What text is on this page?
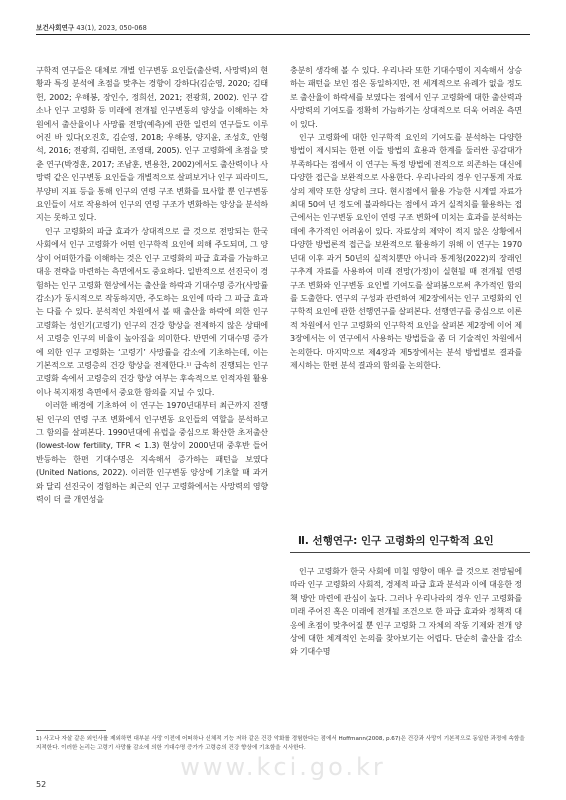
보건사회연구 43(1), 2023, 050-068

구학적 연구들은 대체로 개별 인구변동 요인들(출산력, 사망력)의 현황과 특징 분석에 초점을 맞추는 경향이 강하다(김순영, 2020; 김태헌, 2002; 우해봉, 장인수, 정희선, 2021; 전광희, 2002). 인구 감소나 인구 고령화 등 미래에 전개될 인구변동의 양상을 이해하는 차원에서 출산율이나 사망률 전망(예측)에 관한 일련의 연구들도 이루어진 바 있다(오진호, 김순영, 2018; 우해봉, 양지윤, 조성호, 안형석, 2016; 전광희, 김태헌, 조영태, 2005). 인구 고령화에 초점을 맞춘 연구(박경훈, 2017; 조남훈, 변용찬, 2002)에서도 출산력이나 사망력 같은 인구변동 요인들을 개별적으로 살펴보거나 인구 피라미드, 부양비 지표 등을 통해 인구의 연령 구조 변화를 묘사할 뿐 인구변동 요인들이 서로 작용하여 인구의 연령 구조가 변화하는 양상을 분석하지는 못하고 있다.

인구 고령화의 파급 효과가 상대적으로 클 것으로 전망되는 한국 사회에서 인구 고령화가 어떤 인구학적 요인에 의해 주도되며, 그 양상이 어떠한가를 이해하는 것은 인구 고령화의 파급 효과를 가늠하고 대응 전략을 마련하는 측면에서도 중요하다. 일반적으로 선진국이 경험하는 인구 고령화 현상에서는 출산율 하락과 기대수명 증가(사망률 감소)가 동시적으로 작동하지만, 주도하는 요인에 따라 그 파급 효과는 다를 수 있다. 분석적인 차원에서 볼 때 출산율 하락에 의한 인구 고령화는 성인기(고령기) 인구의 건강 향상을 전제하지 않은 상태에서 고령층 인구의 비율이 높아짐을 의미한다. 반면에 기대수명 증가에 의한 인구 고령화는 ‘고령기’ 사망률을 감소에 기초하는데, 이는 기본적으로 고령층의 건강 향상을 전제한다.¹⁾ 급속히 진행되는 인구 고령화 속에서 고령층의 건강 향상 여부는 후속적으로 인적자원 활용이나 복지재정 측면에서 중요한 함의를 지닐 수 있다.

이러한 배경에 기초하여 이 연구는 1970년대부터 최근까지 진행된 인구의 연령 구조 변화에서 인구변동 요인들의 역할을 분석하고 그 함의를 살펴본다. 1990년대에 유럽을 중심으로 확산한 초저출산(lowest-low fertility, TFR < 1.3) 현상이 2000년대 중후반 들어 반등하는 한편 기대수명은 지속해서 증가하는 패턴을 보였다(United Nations, 2022). 이러한 인구변동 양상에 기초할 때 과거와 달리 선진국이 경험하는 최근의 인구 고령화에서는 사망력의 영향력이 더 클 개연성을

충분히 생각해 볼 수 있다. 우리나라 또한 기대수명이 지속해서 상승하는 패턴을 보인 점은 동일하지만, 전 세계적으로 유례가 없을 정도로 출산율이 하락세를 보였다는 점에서 인구 고령화에 대한 출산력과 사망력의 기여도를 정확히 가늠하기는 상대적으로 더욱 어려운 측면이 있다.

인구 고령화에 대한 인구학적 요인의 기여도를 분석하는 다양한 방법이 제시되는 한편 이들 방법의 효용과 한계를 둘러싼 공감대가 부족하다는 점에서 이 연구는 특정 방법에 전적으로 의존하는 대신에 다양한 접근을 보완적으로 사용한다. 우리나라의 경우 인구통계 자료상의 제약 또한 상당히 크다. 현시점에서 활용 가능한 시계열 자료가 최대 50여 년 정도에 불과하다는 점에서 과거 실적치를 활용하는 접근에서는 인구변동 요인이 연령 구조 변화에 미치는 효과를 분석하는 데에 추가적인 어려움이 있다. 자료상의 제약이 적지 않은 상황에서 다양한 방법론적 접근을 보완적으로 활용하기 위해 이 연구는 1970년대 이후 과거 50년의 실적치뿐만 아니라 통계청(2022)의 장래인구추계 자료를 사용하여 미래 전망(가정)이 실현될 때 전개될 연령 구조 변화와 인구변동 요인별 기여도를 살펴봄으로써 추가적인 함의를 도출한다. 연구의 구성과 관련하여 제2장에서는 인구 고령화의 인구학적 요인에 관한 선행연구를 살펴본다. 선행연구를 중심으로 이론적 차원에서 인구 고령화의 인구학적 요인을 살펴본 제2장에 이어 제3장에서는 이 연구에서 사용하는 방법들을 좀 더 기술적인 차원에서 논의한다. 마지막으로 제4장과 제5장에서는 분석 방법별로 결과를 제시하는 한편 분석 결과의 함의를 논의한다.

Ⅱ. 선행연구: 인구 고령화의 인구학적 요인

인구 고령화가 한국 사회에 미칠 영향이 매우 클 것으로 전망됨에 따라 인구 고령화의 사회적, 경제적 파급 효과 분석과 이에 대응한 정책 방안 마련에 관심이 높다. 그러나 우리나라의 경우 인구 고령화를 미래 주어진 혹은 미래에 전개될 조건으로 한 파급 효과와 정책적 대응에 초점이 맞추어질 뿐 인구 고령화 그 자체의 작동 기제와 전개 양상에 대한 체계적인 논의를 찾아보기는 어렵다. 단순히 출산율 감소와 기대수명

1) 사고나 자살 같은 외인사를 제외하면 대부분 사망 이전에 어떠하나 신체적 기능 저하 같은 건강 악화를 경험한다는 점에서 Hoffmann(2008, p.67)은 건강과 사망이 기본적으로 동일한 과정에 속함을 지적한다. 이러한 논리는 고령기 사망률 감소에 의한 기대수명 증가가 고령층의 건강 향상에 기초함을 시사한다.
www.kci.go.kr
52
